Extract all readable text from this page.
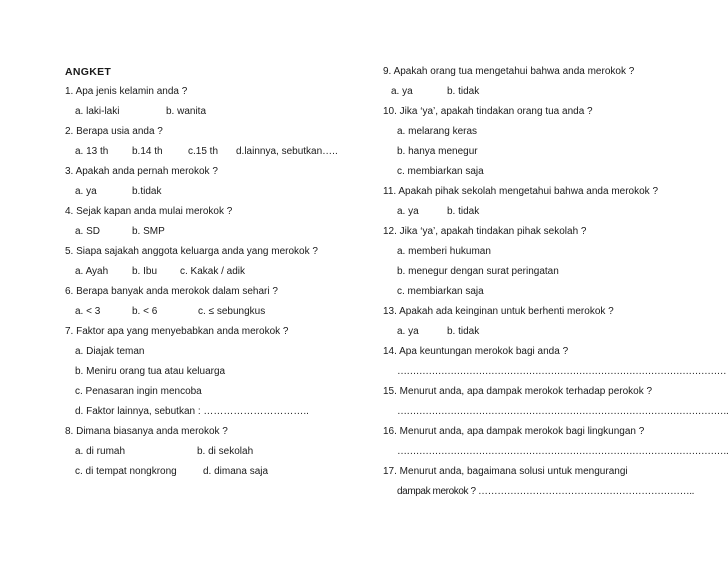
ANGKET
1. Apa jenis kelamin anda ?
a. laki-laki	b. wanita
2. Berapa usia anda ?
a. 13 th b.14 th	c.15 th d.lainnya, sebutkan…..
3. Apakah anda pernah merokok ?
a. ya	b.tidak
4. Sejak kapan anda mulai merokok ?
a. SD	b. SMP
5. Siapa sajakah anggota keluarga anda yang merokok ?
a. Ayah b. Ibu c. Kakak / adik
6. Berapa banyak anda merokok dalam sehari ?
a. < 3	b. < 6	c. ≤ sebungkus
7. Faktor apa yang menyebabkan anda merokok ?
a. Diajak teman
b. Meniru orang tua atau keluarga
c. Penasaran ingin mencoba
d. Faktor lainnya, sebutkan : …………………………..
8. Dimana biasanya anda merokok ?
a. di rumah	b. di sekolah
c. di tempat nongkrong	d. dimana saja
9. Apakah orang tua mengetahui bahwa anda merokok ?
a. ya	b. tidak
10. Jika ‘ya’, apakah tindakan orang tua anda ?
a. melarang keras
b. hanya menegur
c. membiarkan saja
11. Apakah pihak sekolah mengetahui bahwa anda merokok ?
a. ya	b. tidak
12. Jika ‘ya’, apakah tindakan pihak sekolah ?
a. memberi hukuman
b. menegur dengan surat peringatan
c. membiarkan saja
13. Apakah ada keinginan untuk berhenti merokok ?
a. ya	b. tidak
14. Apa keuntungan merokok bagi anda ?
……………………………………………………………………………………………
15. Menurut anda, apa dampak merokok terhadap perokok ?
…………………………………………………………………………………………….
16. Menurut anda, apa dampak merokok bagi lingkungan ?
…………………………………………………………………………………………….
17. Menurut anda, bagaimana solusi untuk mengurangi
dampak merokok ? …………………………………………………………..
